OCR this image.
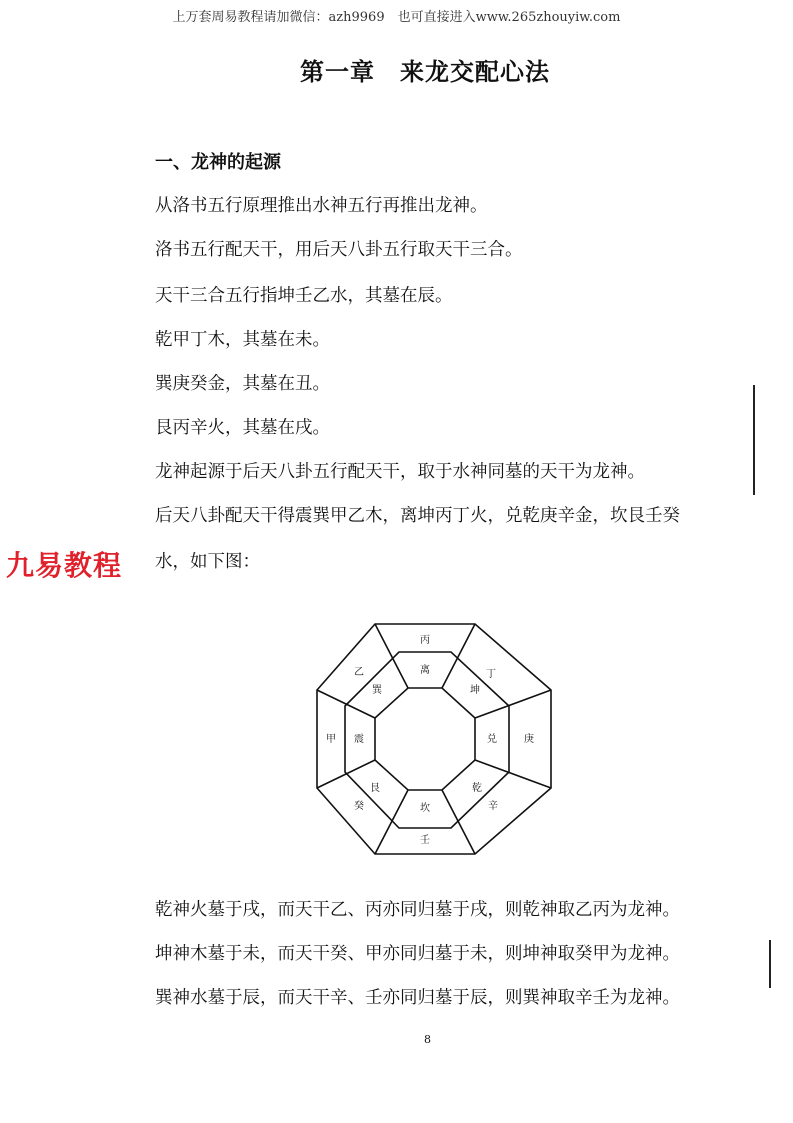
上万套周易教程请加微信：azh9969　也可直接进入www.265zhouyiw.com
第一章　来龙交配心法
一、龙神的起源
从洛书五行原理推出水神五行再推出龙神。
洛书五行配天干，用后天八卦五行取天干三合。
天干三合五行指坤壬乙水，其墓在辰。
乾甲丁木，其墓在未。
巽庚癸金，其墓在丑。
艮丙辛火，其墓在戌。
龙神起源于后天八卦五行配天干，取于水神同墓的天干为龙神。
后天八卦配天干得震巽甲乙木，离坤丙丁火，兑乾庚辛金，坎艮壬癸
水，如下图：
九易教程
丙
丁
庚
辛
壬
癸
甲
乙	离
坤
兑
乾
坎
艮
震
巽
乾神火墓于戌，而天干乙、丙亦同归墓于戌，则乾神取乙丙为龙神。
坤神木墓于未，而天干癸、甲亦同归墓于未，则坤神取癸甲为龙神。
巽神水墓于辰，而天干辛、壬亦同归墓于辰，则巽神取辛壬为龙神。
8
